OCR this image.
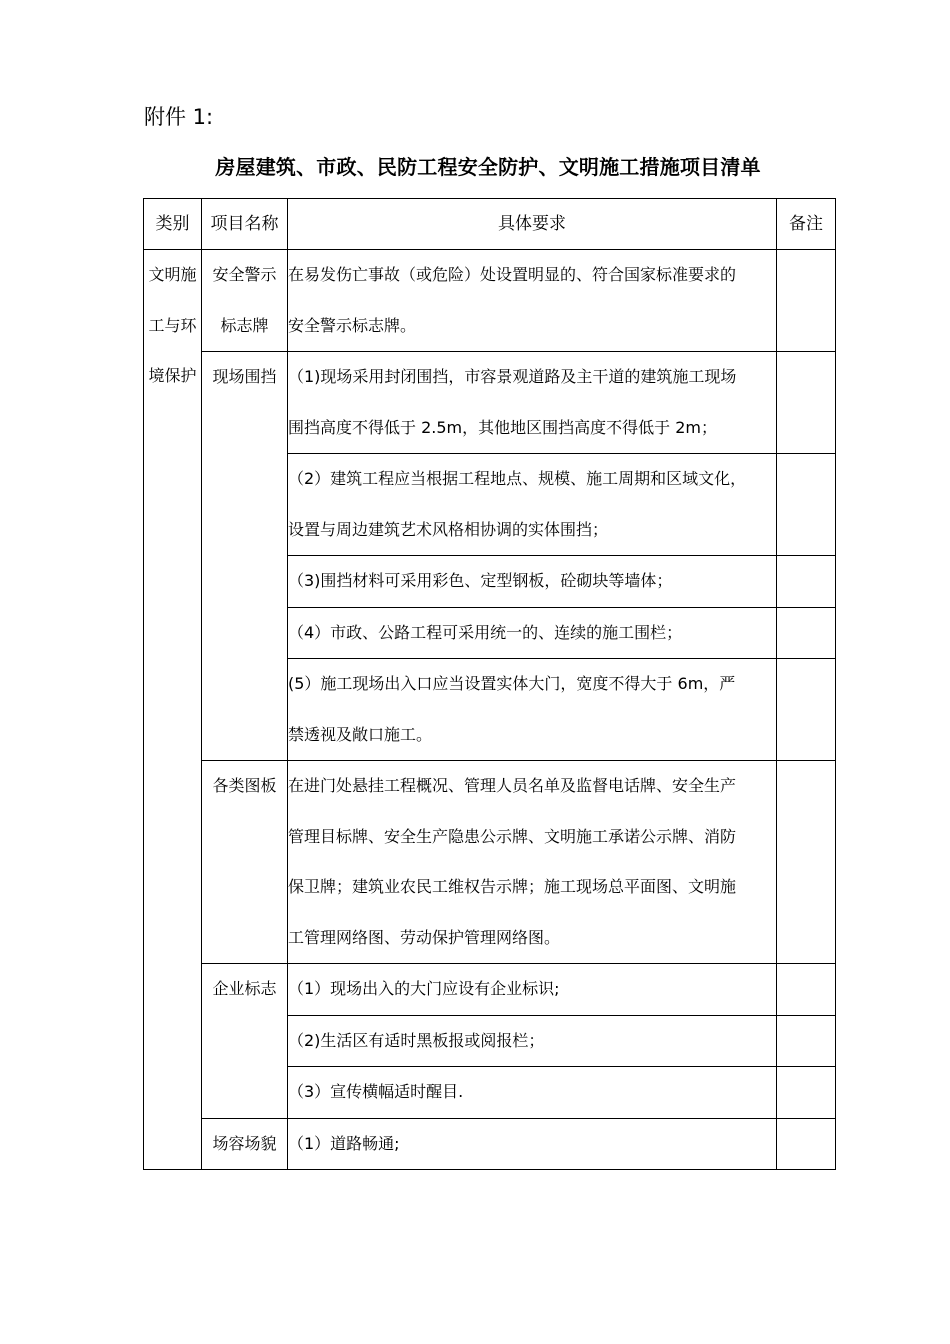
附件 1:
房屋建筑、市政、民防工程安全防护、文明施工措施项目清单
类别	项目名称	具体要求	备注

文明施
工与环
境保护	安全警示
标志牌	在易发伤亡事故（或危险）处设置明显的、符合国家标准要求的
安全警示标志牌。	

	现场围挡	（1)现场采用封闭围挡，市容景观道路及主干道的建筑施工现场
围挡高度不得低于 2.5m，其他地区围挡高度不得低于 2m；	

		（2）建筑工程应当根据工程地点、规模、施工周期和区域文化，
设置与周边建筑艺术风格相协调的实体围挡；	

		（3)围挡材料可采用彩色、定型钢板，砼砌块等墙体；	

		（4）市政、公路工程可采用统一的、连续的施工围栏；	

		(5）施工现场出入口应当设置实体大门，宽度不得大于 6m，严
禁透视及敞口施工。	

	各类图板	在进门处悬挂工程概况、管理人员名单及监督电话牌、安全生产
管理目标牌、安全生产隐患公示牌、文明施工承诺公示牌、消防
保卫牌；建筑业农民工维权告示牌；施工现场总平面图、文明施
工管理网络图、劳动保护管理网络图。	

	企业标志	（1）现场出入的大门应设有企业标识;	

		（2)生活区有适时黑板报或阅报栏；	

		（3）宣传横幅适时醒目.	

	场容场貌	（1）道路畅通;	
